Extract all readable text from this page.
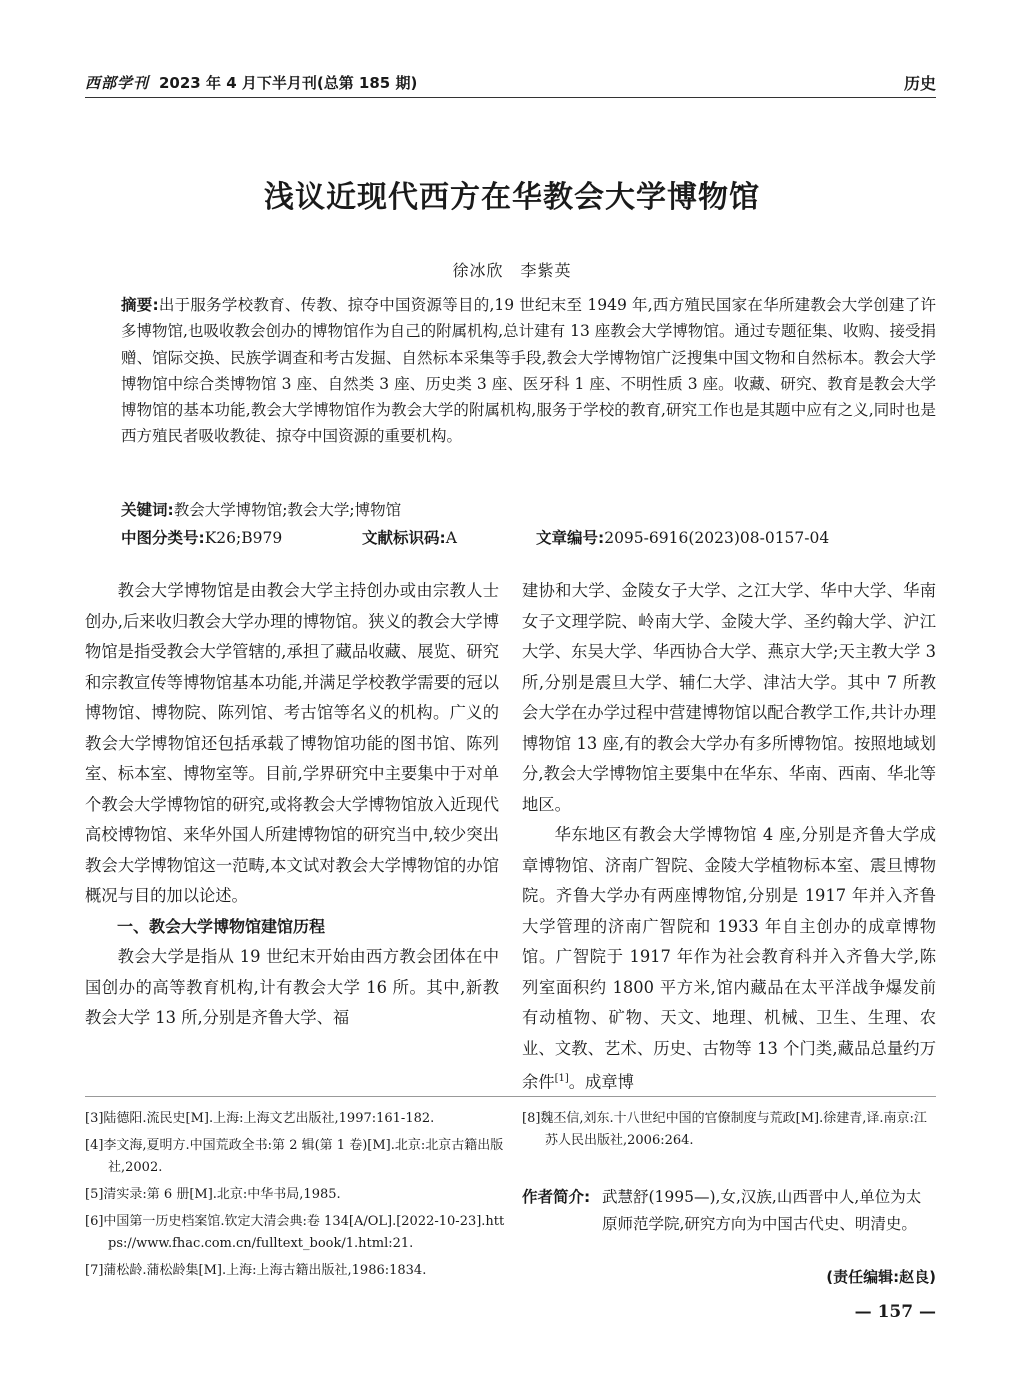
西部学刊 2023 年 4 月下半月刊(总第 185 期)	历史
浅议近现代西方在华教会大学博物馆
徐冰欣　李紫英
摘要:出于服务学校教育、传教、掠夺中国资源等目的,19 世纪末至 1949 年,西方殖民国家在华所建教会大学创建了许多博物馆,也吸收教会创办的博物馆作为自己的附属机构,总计建有 13 座教会大学博物馆。通过专题征集、收购、接受捐赠、馆际交换、民族学调查和考古发掘、自然标本采集等手段,教会大学博物馆广泛搜集中国文物和自然标本。教会大学博物馆中综合类博物馆 3 座、自然类 3 座、历史类 3 座、医牙科 1 座、不明性质 3 座。收藏、研究、教育是教会大学博物馆的基本功能,教会大学博物馆作为教会大学的附属机构,服务于学校的教育,研究工作也是其题中应有之义,同时也是西方殖民者吸收教徒、掠夺中国资源的重要机构。
关键词:教会大学博物馆;教会大学;博物馆
中图分类号:K26;B979	文献标识码:A	文章编号:2095-6916(2023)08-0157-04

教会大学博物馆是由教会大学主持创办或由宗教人士创办,后来收归教会大学办理的博物馆。狭义的教会大学博物馆是指受教会大学管辖的,承担了藏品收藏、展览、研究和宗教宣传等博物馆基本功能,并满足学校教学需要的冠以博物馆、博物院、陈列馆、考古馆等名义的机构。广义的教会大学博物馆还包括承载了博物馆功能的图书馆、陈列室、标本室、博物室等。目前,学界研究中主要集中于对单个教会大学博物馆的研究,或将教会大学博物馆放入近现代高校博物馆、来华外国人所建博物馆的研究当中,较少突出教会大学博物馆这一范畴,本文试对教会大学博物馆的办馆概况与目的加以论述。

一、教会大学博物馆建馆历程

教会大学是指从 19 世纪末开始由西方教会团体在中国创办的高等教育机构,计有教会大学 16 所。其中,新教教会大学 13 所,分别是齐鲁大学、福

建协和大学、金陵女子大学、之江大学、华中大学、华南女子文理学院、岭南大学、金陵大学、圣约翰大学、沪江大学、东吴大学、华西协合大学、燕京大学;天主教大学 3 所,分别是震旦大学、辅仁大学、津沽大学。其中 7 所教会大学在办学过程中营建博物馆以配合教学工作,共计办理博物馆 13 座,有的教会大学办有多所博物馆。按照地域划分,教会大学博物馆主要集中在华东、华南、西南、华北等地区。

华东地区有教会大学博物馆 4 座,分别是齐鲁大学成章博物馆、济南广智院、金陵大学植物标本室、震旦博物院。齐鲁大学办有两座博物馆,分别是 1917 年并入齐鲁大学管理的济南广智院和 1933 年自主创办的成章博物馆。广智院于 1917 年作为社会教育科并入齐鲁大学,陈列室面积约 1800 平方米,馆内藏品在太平洋战争爆发前有动植物、矿物、天文、地理、机械、卫生、生理、农业、文教、艺术、历史、古物等 13 个门类,藏品总量约万余件[1]。成章博

[3]陆德阳.流民史[M].上海:上海文艺出版社,1997:161-182.
[4]李文海,夏明方.中国荒政全书:第 2 辑(第 1 卷)[M].北京:北京古籍出版社,2002.
[5]清实录:第 6 册[M].北京:中华书局,1985.
[6]中国第一历史档案馆.钦定大清会典:卷 134[A/OL].[2022-10-23].https://www.fhac.com.cn/fulltext_book/1.html:21.
[7]蒲松龄.蒲松龄集[M].上海:上海古籍出版社,1986:1834.
[8]魏丕信,刘东.十八世纪中国的官僚制度与荒政[M].徐建青,译.南京:江苏人民出版社,2006:264.
作者简介: 武慧舒(1995—),女,汉族,山西晋中人,单位为太原师范学院,研究方向为中国古代史、明清史。
(责任编辑:赵良)
— 157 —
